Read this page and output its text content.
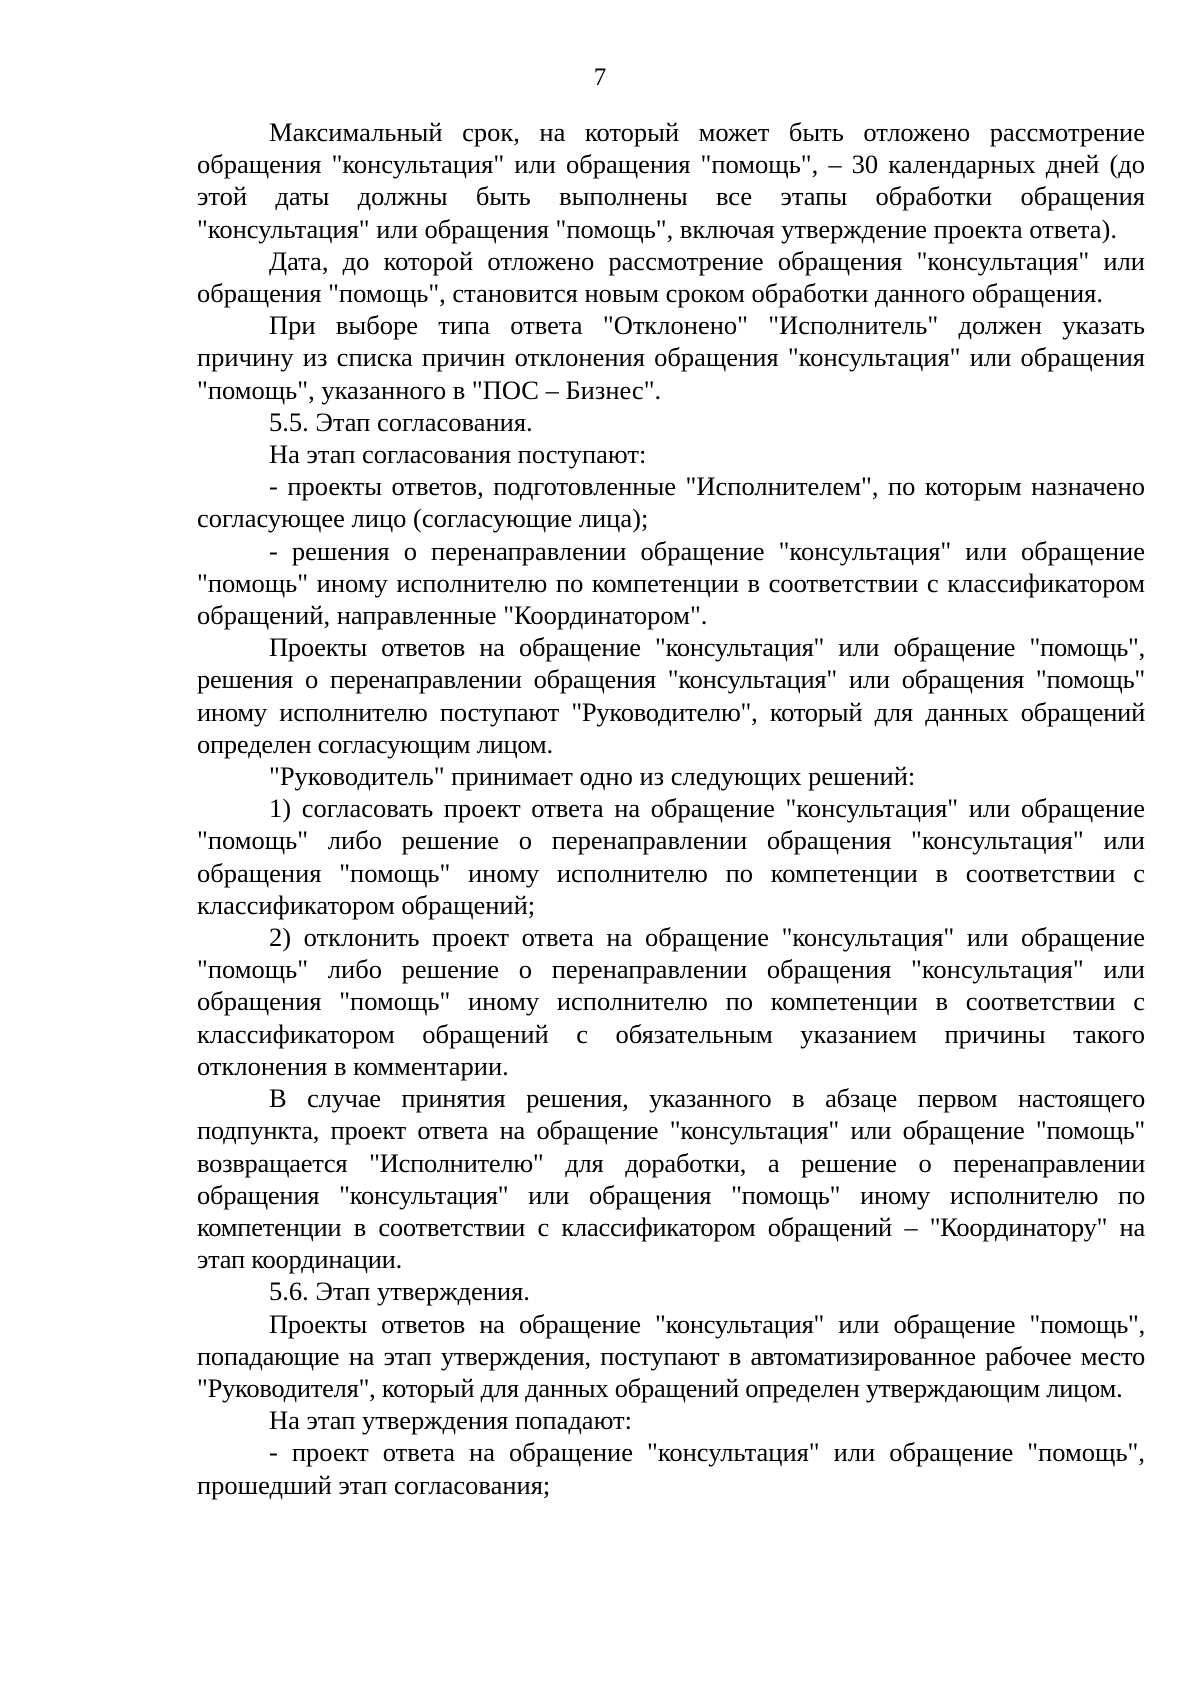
7

Максимальный срок, на который может быть отложено рассмотрение обращения "консультация" или обращения "помощь", – 30 календарных дней (до этой даты должны быть выполнены все этапы обработки обращения "консультация" или обращения "помощь", включая утверждение проекта ответа).

Дата, до которой отложено рассмотрение обращения "консультация" или обращения "помощь", становится новым сроком обработки данного обращения.

При выборе типа ответа "Отклонено" "Исполнитель" должен указать причину из списка причин отклонения обращения "консультация" или обращения "помощь", указанного в "ПОС – Бизнес".

5.5. Этап согласования.

На этап согласования поступают:

- проекты ответов, подготовленные "Исполнителем", по которым назначено согласующее лицо (согласующие лица);

- решения о перенаправлении обращение "консультация" или обращение "помощь" иному исполнителю по компетенции в соответствии с классификатором обращений, направленные "Координатором".

Проекты ответов на обращение "консультация" или обращение "помощь", решения о перенаправлении обращения "консультация" или обращения "помощь" иному исполнителю поступают "Руководителю", который для данных обращений определен согласующим лицом.

"Руководитель" принимает одно из следующих решений:

1) согласовать проект ответа на обращение "консультация" или обращение "помощь" либо решение о перенаправлении обращения "консультация" или обращения "помощь" иному исполнителю по компетенции в соответствии с классификатором обращений;

2) отклонить проект ответа на обращение "консультация" или обращение "помощь" либо решение о перенаправлении обращения "консультация" или обращения "помощь" иному исполнителю по компетенции в соответствии с классификатором обращений с обязательным указанием причины такого отклонения в комментарии.

В случае принятия решения, указанного в абзаце первом настоящего подпункта, проект ответа на обращение "консультация" или обращение "помощь" возвращается "Исполнителю" для доработки, а решение о перенаправлении обращения "консультация" или обращения "помощь" иному исполнителю по компетенции в соответствии с классификатором обращений – "Координатору" на этап координации.

5.6. Этап утверждения.

Проекты ответов на обращение "консультация" или обращение "помощь", попадающие на этап утверждения, поступают в автоматизированное рабочее место "Руководителя", который для данных обращений определен утверждающим лицом.

На этап утверждения попадают:

- проект ответа на обращение "консультация" или обращение "помощь", прошедший этап согласования;
